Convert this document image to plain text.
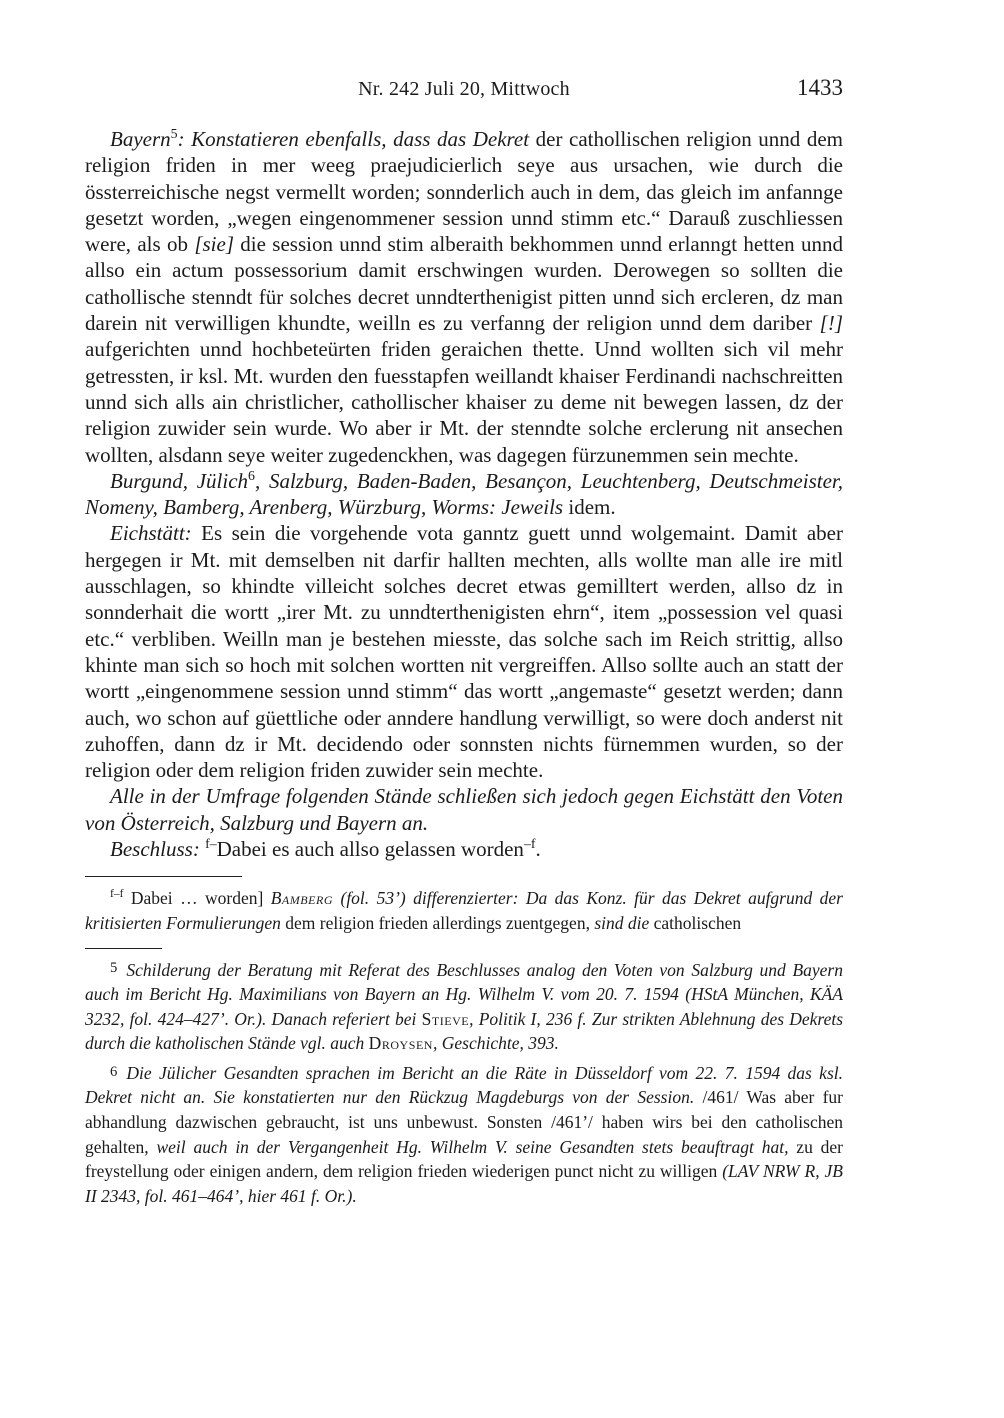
Nr. 242 Juli 20, Mittwoch	1433

Bayern$^5$: Konstatieren ebenfalls, dass das Dekret der cathollischen religion unnd dem religion friden in mer weeg praejudicierlich seye aus ursachen, wie durch die össterreichische negst vermellt worden; sonnderlich auch in dem, das gleich im anfannge gesetzt worden, „wegen eingenommener session unnd stimm etc.“ Darauß zuschliessen were, als ob [sie] die session unnd stim alberaith bekhommen unnd erlanngt hetten unnd allso ein actum possessorium damit erschwingen wurden. Derowegen so sollten die cathollische stenndt für solches decret unndterthenigist pitten unnd sich ercleren, dz man darein nit verwilligen khundte, weilln es zu verfanng der religion unnd dem dariber [!] aufgerichten unnd hochbeteürten friden geraichen thette. Unnd wollten sich vil mehr getressten, ir ksl. Mt. wurden den fuesstapfen weillandt khaiser Ferdinandi nachschreitten unnd sich alls ain christlicher, cathollischer khaiser zu deme nit bewegen lassen, dz der religion zuwider sein wurde. Wo aber ir Mt. der stenndte solche erclerung nit ansechen wollten, alsdann seye weiter zugedenckhen, was dagegen fürzunemmen sein mechte.

Burgund, Jülich$^6$, Salzburg, Baden-Baden, Besançon, Leuchtenberg, Deutschmeister, Nomeny, Bamberg, Arenberg, Würzburg, Worms: Jeweils idem.

Eichstätt: Es sein die vorgehende vota ganntz guett unnd wolgemaint. Damit aber hergegen ir Mt. mit demselben nit darfir hallten mechten, alls wollte man alle ire mitl ausschlagen, so khindte villeicht solches decret etwas gemilltert werden, allso dz in sonnderhait die wortt „irer Mt. zu unndterthenigisten ehrn“, item „possession vel quasi etc.“ verbliben. Weilln man je bestehen miesste, das solche sach im Reich strittig, allso khinte man sich so hoch mit solchen wortten nit vergreiffen. Allso sollte auch an statt der wortt „eingenommene session unnd stimm“ das wortt „angemaste“ gesetzt werden; dann auch, wo schon auf güettliche oder anndere handlung verwilligt, so were doch anderst nit zuhoffen, dann dz ir Mt. decidendo oder sonnsten nichts fürnemmen wurden, so der religion oder dem religion friden zuwider sein mechte.

Alle in der Umfrage folgenden Stände schließen sich jedoch gegen Eichstätt den Voten von Österreich, Salzburg und Bayern an.

Beschluss: $^{f-}$Dabei es auch allso gelassen worden$^{-f}$.

$^{f-f}$ Dabei … worden] Bamberg (fol. 53’) differenzierter: Da das Konz. für das Dekret aufgrund der kritisierten Formulierungen dem religion frieden allerdings zuentgegen, sind die catholischen

5 Schilderung der Beratung mit Referat des Beschlusses analog den Voten von Salzburg und Bayern auch im Bericht Hg. Maximilians von Bayern an Hg. Wilhelm V. vom 20. 7. 1594 (HStA München, KÄA 3232, fol. 424–427’. Or.). Danach referiert bei Stieve, Politik I, 236 f. Zur strikten Ablehnung des Dekrets durch die katholischen Stände vgl. auch Droysen, Geschichte, 393.

6 Die Jülicher Gesandten sprachen im Bericht an die Räte in Düsseldorf vom 22. 7. 1594 das ksl. Dekret nicht an. Sie konstatierten nur den Rückzug Magdeburgs von der Session. /461/ Was aber fur abhandlung dazwischen gebraucht, ist uns unbewust. Sonsten /461’/ haben wirs bei den catholischen gehalten, weil auch in der Vergangenheit Hg. Wilhelm V. seine Gesandten stets beauftragt hat, zu der freystellung oder einigen andern, dem religion frieden wiederigen punct nicht zu willigen (LAV NRW R, JB II 2343, fol. 461–464’, hier 461 f. Or.).
